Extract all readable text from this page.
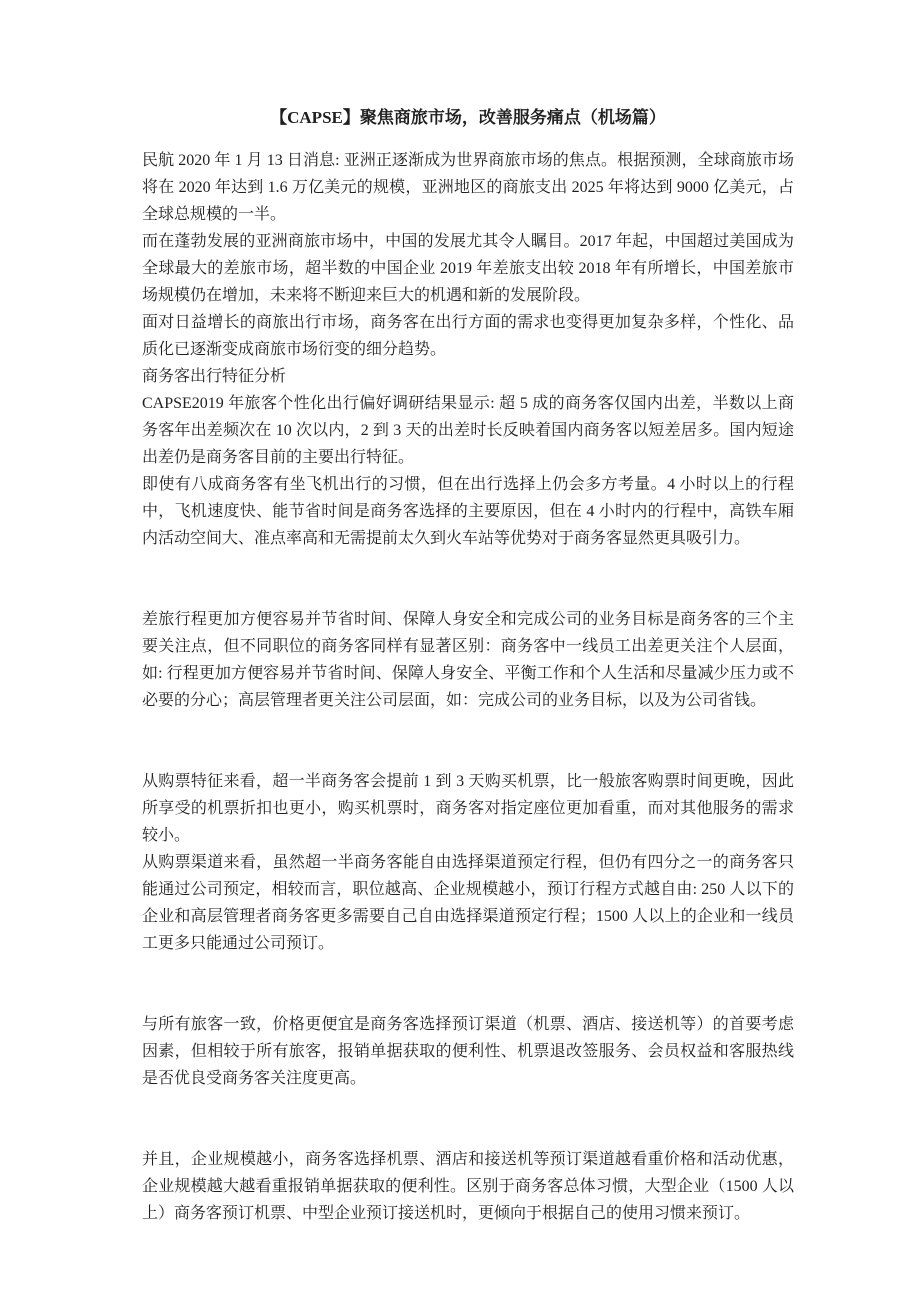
【CAPSE】聚焦商旅市场，改善服务痛点（机场篇）

民航 2020 年 1 月 13 日消息: 亚洲正逐渐成为世界商旅市场的焦点。根据预测，全球商旅市场将在 2020 年达到 1.6 万亿美元的规模，亚洲地区的商旅支出 2025 年将达到 9000 亿美元，占全球总规模的一半。

而在蓬勃发展的亚洲商旅市场中，中国的发展尤其令人瞩目。2017 年起，中国超过美国成为全球最大的差旅市场，超半数的中国企业 2019 年差旅支出较 2018 年有所增长，中国差旅市场规模仍在增加，未来将不断迎来巨大的机遇和新的发展阶段。

面对日益增长的商旅出行市场，商务客在出行方面的需求也变得更加复杂多样，个性化、品质化已逐渐变成商旅市场衍变的细分趋势。

商务客出行特征分析

CAPSE2019 年旅客个性化出行偏好调研结果显示: 超 5 成的商务客仅国内出差，半数以上商务客年出差频次在 10 次以内，2 到 3 天的出差时长反映着国内商务客以短差居多。国内短途出差仍是商务客目前的主要出行特征。

即使有八成商务客有坐飞机出行的习惯，但在出行选择上仍会多方考量。4 小时以上的行程中，飞机速度快、能节省时间是商务客选择的主要原因，但在 4 小时内的行程中，高铁车厢内活动空间大、准点率高和无需提前太久到火车站等优势对于商务客显然更具吸引力。

差旅行程更加方便容易并节省时间、保障人身安全和完成公司的业务目标是商务客的三个主要关注点，但不同职位的商务客同样有显著区别：商务客中一线员工出差更关注个人层面，如: 行程更加方便容易并节省时间、保障人身安全、平衡工作和个人生活和尽量减少压力或不必要的分心；高层管理者更关注公司层面，如：完成公司的业务目标，以及为公司省钱。

从购票特征来看，超一半商务客会提前 1 到 3 天购买机票，比一般旅客购票时间更晚，因此所享受的机票折扣也更小，购买机票时，商务客对指定座位更加看重，而对其他服务的需求较小。

从购票渠道来看，虽然超一半商务客能自由选择渠道预定行程，但仍有四分之一的商务客只能通过公司预定，相较而言，职位越高、企业规模越小，预订行程方式越自由: 250 人以下的企业和高层管理者商务客更多需要自己自由选择渠道预定行程；1500 人以上的企业和一线员工更多只能通过公司预订。

与所有旅客一致，价格更便宜是商务客选择预订渠道（机票、酒店、接送机等）的首要考虑因素，但相较于所有旅客，报销单据获取的便利性、机票退改签服务、会员权益和客服热线是否优良受商务客关注度更高。

并且，企业规模越小，商务客选择机票、酒店和接送机等预订渠道越看重价格和活动优惠，企业规模越大越看重报销单据获取的便利性。区别于商务客总体习惯，大型企业（1500 人以上）商务客预订机票、中型企业预订接送机时，更倾向于根据自己的使用习惯来预订。
